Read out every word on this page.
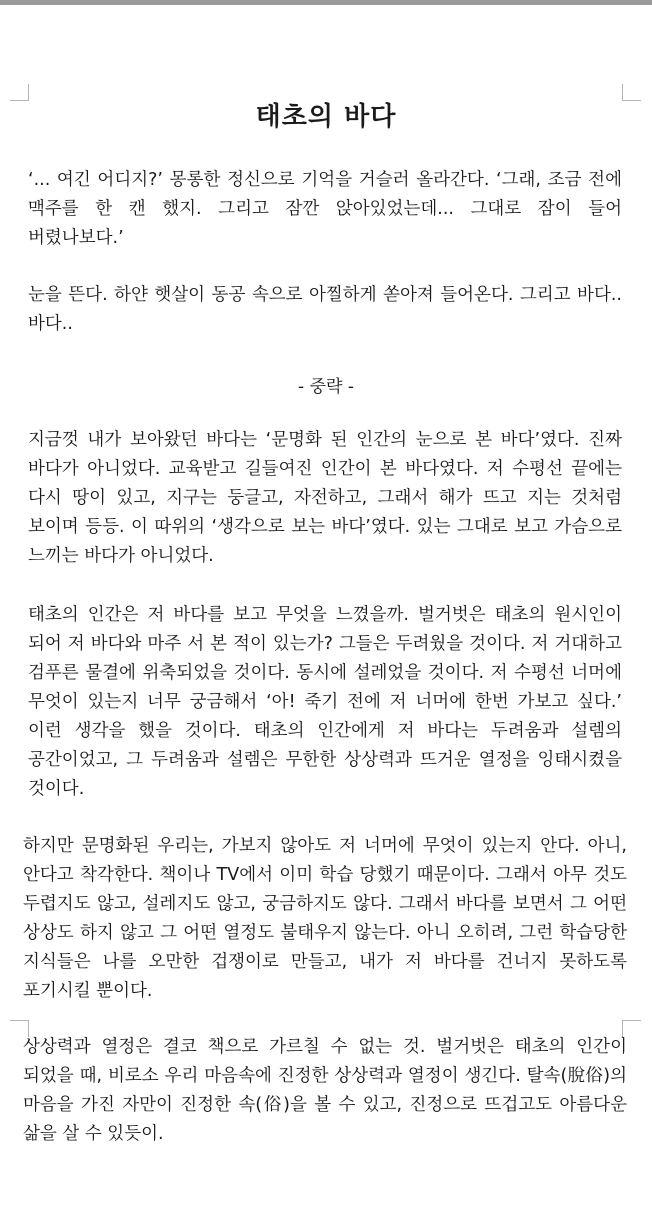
태초의 바다

‘... 여긴 어디지?’ 몽롱한 정신으로 기억을 거슬러 올라간다. ‘그래, 조금 전에 맥주를 한 캔 했지. 그리고 잠깐 앉아있었는데... 그대로 잠이 들어 버렸나보다.’

눈을 뜬다. 하얀 햇살이 동공 속으로 아찔하게 쏟아져 들어온다. 그리고 바다.. 바다..

- 중략 -

지금껏 내가 보아왔던 바다는 ‘문명화 된 인간의 눈으로 본 바다’였다. 진짜 바다가 아니었다. 교육받고 길들여진 인간이 본 바다였다. 저 수평선 끝에는 다시 땅이 있고, 지구는 둥글고, 자전하고, 그래서 해가 뜨고 지는 것처럼 보이며 등등. 이 따위의 ‘생각으로 보는 바다’였다. 있는 그대로 보고 가슴으로 느끼는 바다가 아니었다.

태초의 인간은 저 바다를 보고 무엇을 느꼈을까. 벌거벗은 태초의 원시인이 되어 저 바다와 마주 서 본 적이 있는가? 그들은 두려웠을 것이다. 저 거대하고 검푸른 물결에 위축되었을 것이다. 동시에 설레었을 것이다. 저 수평선 너머에 무엇이 있는지 너무 궁금해서 ‘아! 죽기 전에 저 너머에 한번 가보고 싶다.’ 이런 생각을 했을 것이다. 태초의 인간에게 저 바다는 두려움과 설렘의 공간이었고, 그 두려움과 설렘은 무한한 상상력과 뜨거운 열정을 잉태시켰을 것이다.

하지만 문명화된 우리는, 가보지 않아도 저 너머에 무엇이 있는지 안다. 아니, 안다고 착각한다. 책이나 TV에서 이미 학습 당했기 때문이다. 그래서 아무 것도 두렵지도 않고, 설레지도 않고, 궁금하지도 않다. 그래서 바다를 보면서 그 어떤 상상도 하지 않고 그 어떤 열정도 불태우지 않는다. 아니 오히려, 그런 학습당한 지식들은 나를 오만한 겁쟁이로 만들고, 내가 저 바다를 건너지 못하도록 포기시킬 뿐이다.

상상력과 열정은 결코 책으로 가르칠 수 없는 것. 벌거벗은 태초의 인간이 되었을 때, 비로소 우리 마음속에 진정한 상상력과 열정이 생긴다. 탈속(脫俗)의 마음을 가진 자만이 진정한 속(俗)을 볼 수 있고, 진정으로 뜨겁고도 아름다운 삶을 살 수 있듯이.
